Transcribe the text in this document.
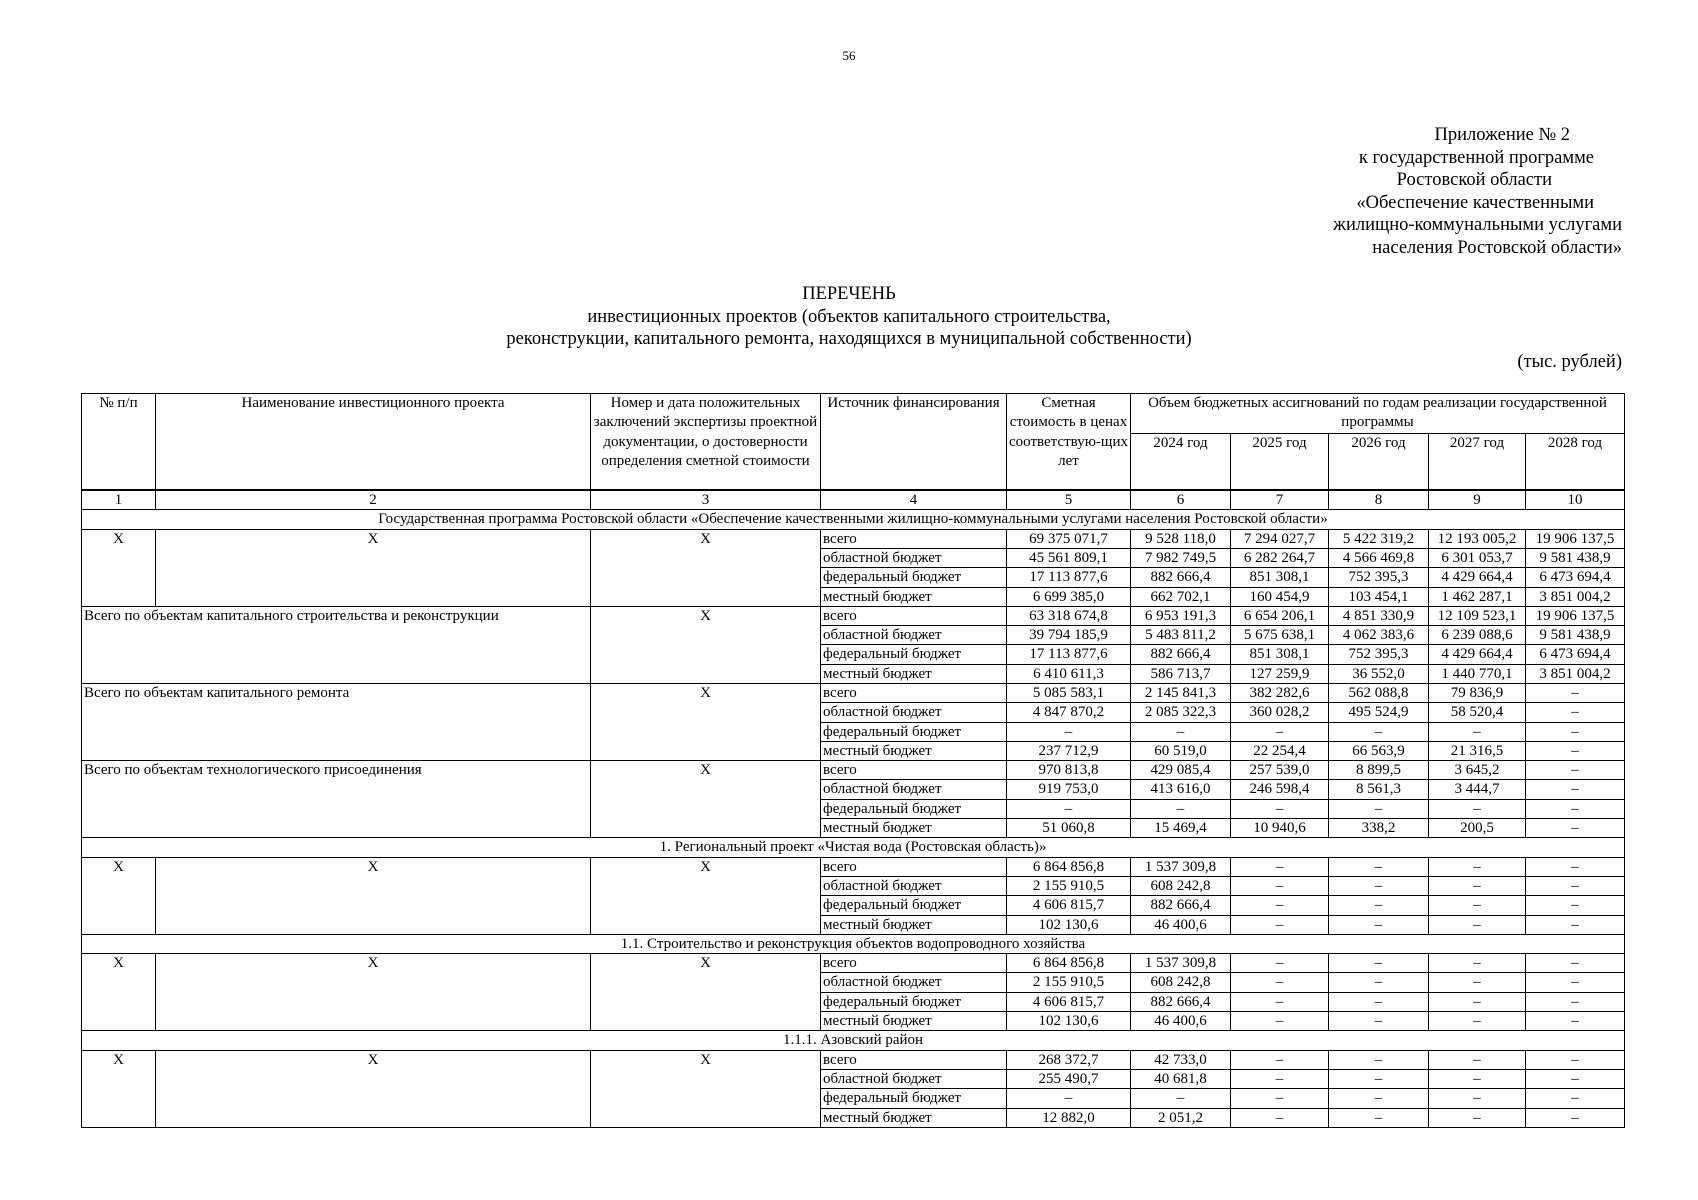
56
Приложение № 2
к государственной программе
Ростовской области
«Обеспечение качественными
жилищно-коммунальными услугами
населения Ростовской области»
ПЕРЕЧЕНЬ
инвестиционных проектов (объектов капитального строительства,
реконструкции, капитального ремонта, находящихся в муниципальной собственности)
(тыс. рублей)
№ п/п	Наименование инвестиционного проекта	Номер и дата положительных заключений экспертизы проектной документации, о достоверности определения сметной стоимости	Источник финансирования	Сметная стоимость в ценах соответствую-щих лет	Объем бюджетных ассигнований по годам реализации государственной программы				
					2024 год	2025 год	2026 год	2027 год	2028 год
1	2	3	4	5	6	7	8	9	10
Государственная программа Ростовской области «Обеспечение качественными жилищно-коммунальными услугами населения Ростовской области»									
X	X	X	всего	69 375 071,7	9 528 118,0	7 294 027,7	5 422 319,2	12 193 005,2	19 906 137,5
			областной бюджет	45 561 809,1	7 982 749,5	6 282 264,7	4 566 469,8	6 301 053,7	9 581 438,9
			федеральный бюджет	17 113 877,6	882 666,4	851 308,1	752 395,3	4 429 664,4	6 473 694,4
			местный бюджет	6 699 385,0	662 702,1	160 454,9	103 454,1	1 462 287,1	3 851 004,2
Всего по объектам капитального строительства и реконструкции		X	всего	63 318 674,8	6 953 191,3	6 654 206,1	4 851 330,9	12 109 523,1	19 906 137,5
			областной бюджет	39 794 185,9	5 483 811,2	5 675 638,1	4 062 383,6	6 239 088,6	9 581 438,9
			федеральный бюджет	17 113 877,6	882 666,4	851 308,1	752 395,3	4 429 664,4	6 473 694,4
			местный бюджет	6 410 611,3	586 713,7	127 259,9	36 552,0	1 440 770,1	3 851 004,2
Всего по объектам капитального ремонта		X	всего	5 085 583,1	2 145 841,3	382 282,6	562 088,8	79 836,9	–
			областной бюджет	4 847 870,2	2 085 322,3	360 028,2	495 524,9	58 520,4	–
			федеральный бюджет	–	–	–	–	–	–
			местный бюджет	237 712,9	60 519,0	22 254,4	66 563,9	21 316,5	–
Всего по объектам технологического присоединения		X	всего	970 813,8	429 085,4	257 539,0	8 899,5	3 645,2	–
			областной бюджет	919 753,0	413 616,0	246 598,4	8 561,3	3 444,7	–
			федеральный бюджет	–	–	–	–	–	–
			местный бюджет	51 060,8	15 469,4	10 940,6	338,2	200,5	–
1. Региональный проект «Чистая вода (Ростовская область)»									
X	X	X	всего	6 864 856,8	1 537 309,8	–	–	–	–
			областной бюджет	2 155 910,5	608 242,8	–	–	–	–
			федеральный бюджет	4 606 815,7	882 666,4	–	–	–	–
			местный бюджет	102 130,6	46 400,6	–	–	–	–
1.1. Строительство и реконструкция объектов водопроводного хозяйства									
X	X	X	всего	6 864 856,8	1 537 309,8	–	–	–	–
			областной бюджет	2 155 910,5	608 242,8	–	–	–	–
			федеральный бюджет	4 606 815,7	882 666,4	–	–	–	–
			местный бюджет	102 130,6	46 400,6	–	–	–	–
1.1.1. Азовский район									
X	X	X	всего	268 372,7	42 733,0	–	–	–	–
			областной бюджет	255 490,7	40 681,8	–	–	–	–
			федеральный бюджет	–	–	–	–	–	–
			местный бюджет	12 882,0	2 051,2	–	–	–	–
